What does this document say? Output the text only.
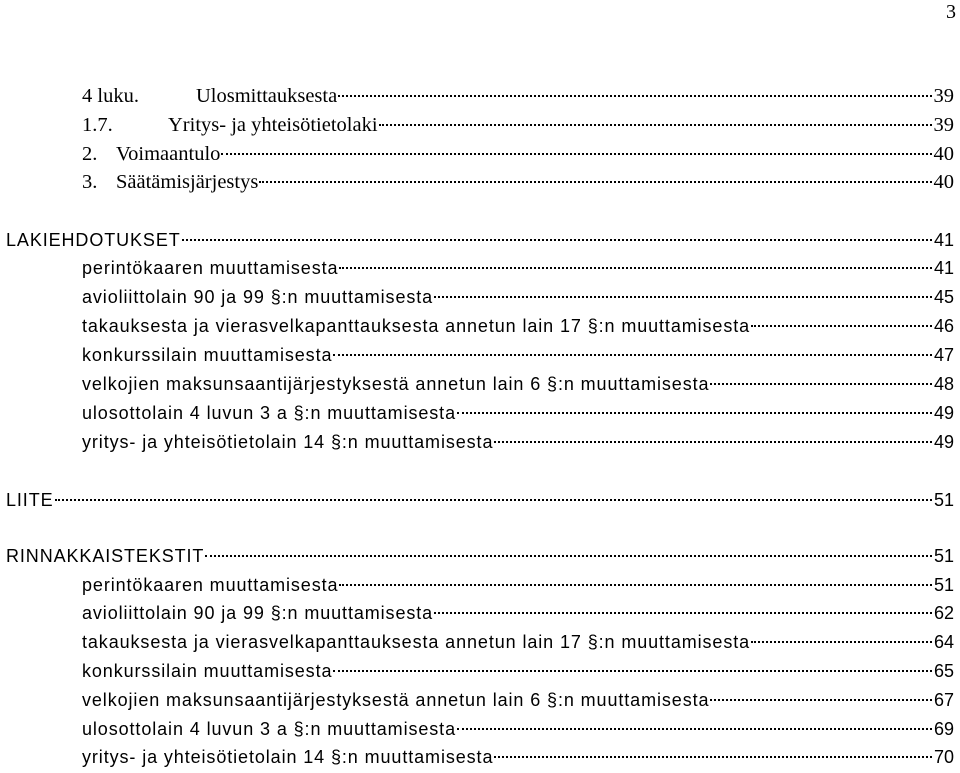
3
4 luku.	Ulosmittauksesta	39
1.7.	Yritys- ja yhteisötietolaki	39
2. Voimaantulo	40
3. Säätämisjärjestys	40
LAKIEHDOTUKSET	41
perintökaaren muuttamisesta	41
avioliittolain 90 ja 99 §:n muuttamisesta	45
takauksesta ja vierasvelkapanttauksesta annetun lain 17 §:n muuttamisesta	46
konkurssilain muuttamisesta	47
velkojien maksunsaantijärjestyksestä annetun lain 6 §:n muuttamisesta	48
ulosottolain 4 luvun 3 a §:n muuttamisesta	49
yritys- ja yhteisötietolain 14 §:n muuttamisesta	49
LIITE	51
RINNAKKAISTEKSTIT	51
perintökaaren muuttamisesta	51
avioliittolain 90 ja 99 §:n muuttamisesta	62
takauksesta ja vierasvelkapanttauksesta annetun lain 17 §:n muuttamisesta	64
konkurssilain muuttamisesta	65
velkojien maksunsaantijärjestyksestä annetun lain 6 §:n muuttamisesta	67
ulosottolain 4 luvun 3 a §:n muuttamisesta	69
yritys- ja yhteisötietolain 14 §:n muuttamisesta	70
